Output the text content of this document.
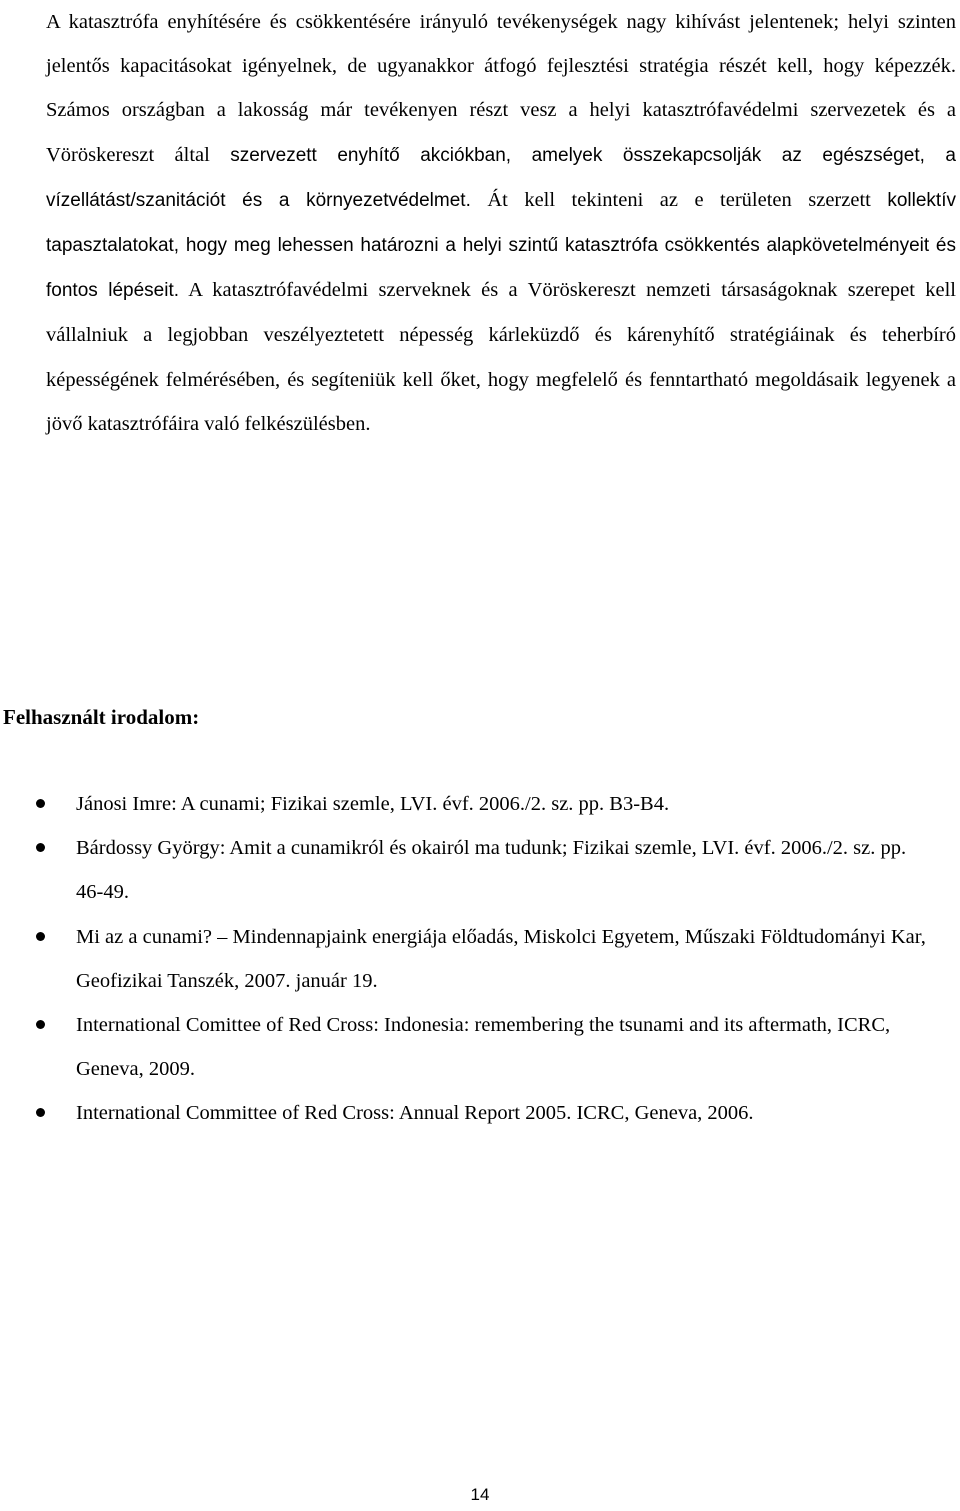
A katasztrófa enyhítésére és csökkentésére irányuló tevékenységek nagy kihívást jelentenek; helyi szinten jelentős kapacitásokat igényelnek, de ugyanakkor átfogó fejlesztési stratégia részét kell, hogy képezzék. Számos országban a lakosság már tevékenyen részt vesz a helyi katasztrófavédelmi szervezetek és a Vöröskereszt által szervezett enyhítő akciókban, amelyek összekapcsolják az egészséget, a vízellátást/szanitációt és a környezetvédelmet. Át kell tekinteni az e területen szerzett kollektív tapasztalatokat, hogy meg lehessen határozni a helyi szintű katasztrófa csökkentés alapkövetelményeit és fontos lépéseit. A katasztrófavédelmi szerveknek és a Vöröskereszt nemzeti társaságoknak szerepet kell vállalniuk a legjobban veszélyeztetett népesség kárleküzdő és kárenyhítő stratégiáinak és teherbíró képességének felmérésében, és segíteniük kell őket, hogy megfelelő és fenntartható megoldásaik legyenek a jövő katasztrófáira való felkészülésben.

Felhasznált irodalom:
Jánosi Imre: A cunami; Fizikai szemle, LVI. évf. 2006./2. sz. pp. B3-B4.
Bárdossy György: Amit a cunamikról és okairól ma tudunk; Fizikai szemle, LVI. évf. 2006./2. sz. pp. 46-49.
Mi az a cunami? – Mindennapjaink energiája előadás, Miskolci Egyetem, Műszaki Földtudományi Kar, Geofizikai Tanszék, 2007. január 19.
International Comittee of Red Cross: Indonesia: remembering the tsunami and its aftermath, ICRC, Geneva, 2009.
International Committee of Red Cross: Annual Report 2005. ICRC, Geneva, 2006.
14
